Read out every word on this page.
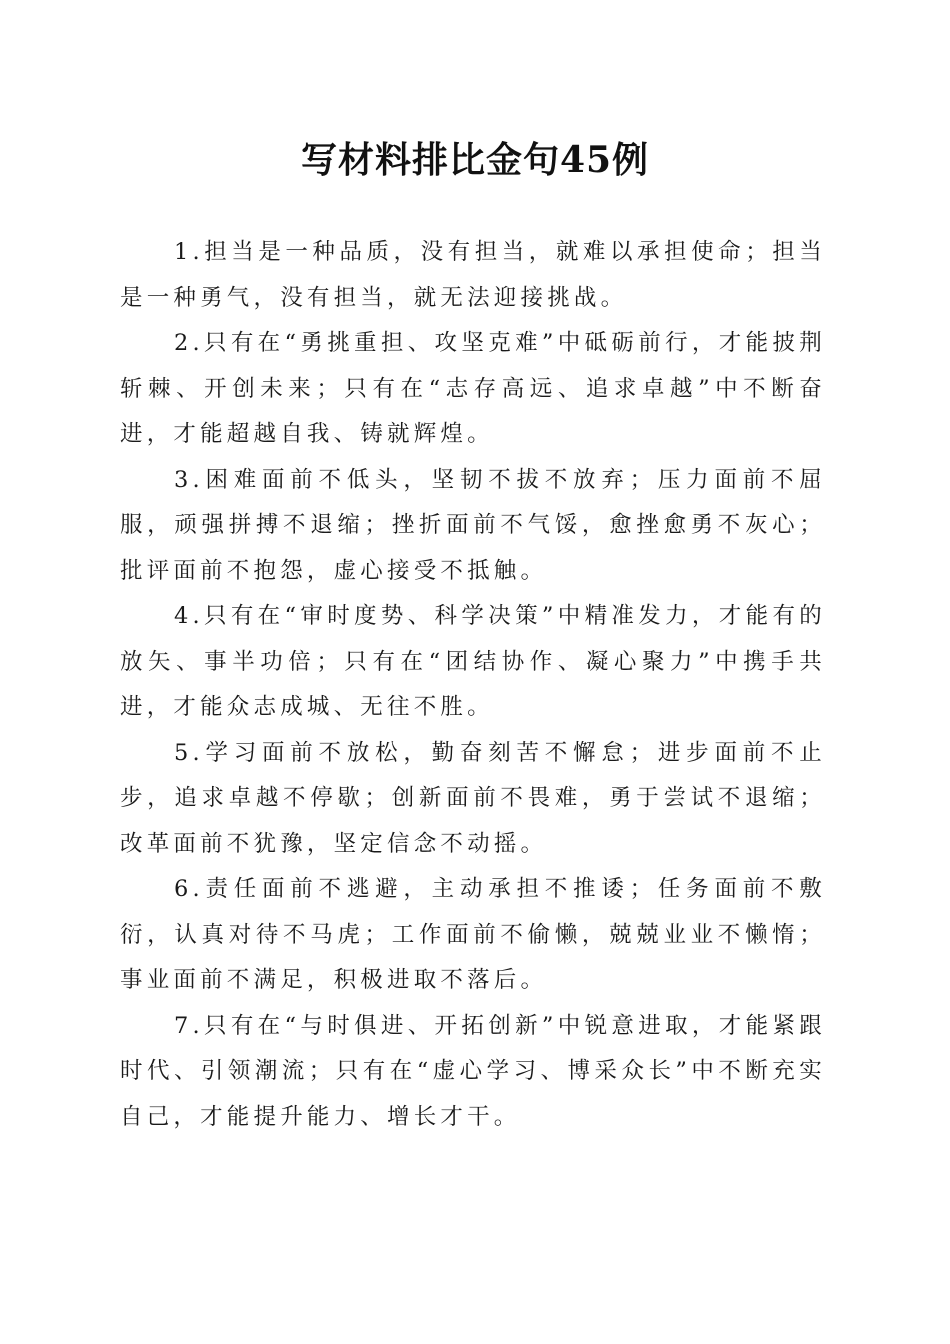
写材料排比金句45例

1.担当是一种品质，没有担当，就难以承担使命；担当是一种勇气，没有担当，就无法迎接挑战。

2.只有在“勇挑重担、攻坚克难”中砥砺前行，才能披荆斩棘、开创未来；只有在“志存高远、追求卓越”中不断奋进，才能超越自我、铸就辉煌。

3.困难面前不低头，坚韧不拔不放弃；压力面前不屈服，顽强拼搏不退缩；挫折面前不气馁，愈挫愈勇不灰心；批评面前不抱怨，虚心接受不抵触。

4.只有在“审时度势、科学决策”中精准发力，才能有的放矢、事半功倍；只有在“团结协作、凝心聚力”中携手共进，才能众志成城、无往不胜。

5.学习面前不放松，勤奋刻苦不懈怠；进步面前不止步，追求卓越不停歇；创新面前不畏难，勇于尝试不退缩；改革面前不犹豫，坚定信念不动摇。

6.责任面前不逃避，主动承担不推诿；任务面前不敷衍，认真对待不马虎；工作面前不偷懒，兢兢业业不懒惰；事业面前不满足，积极进取不落后。

7.只有在“与时俱进、开拓创新”中锐意进取，才能紧跟时代、引领潮流；只有在“虚心学习、博采众长”中不断充实自己，才能提升能力、增长才干。
